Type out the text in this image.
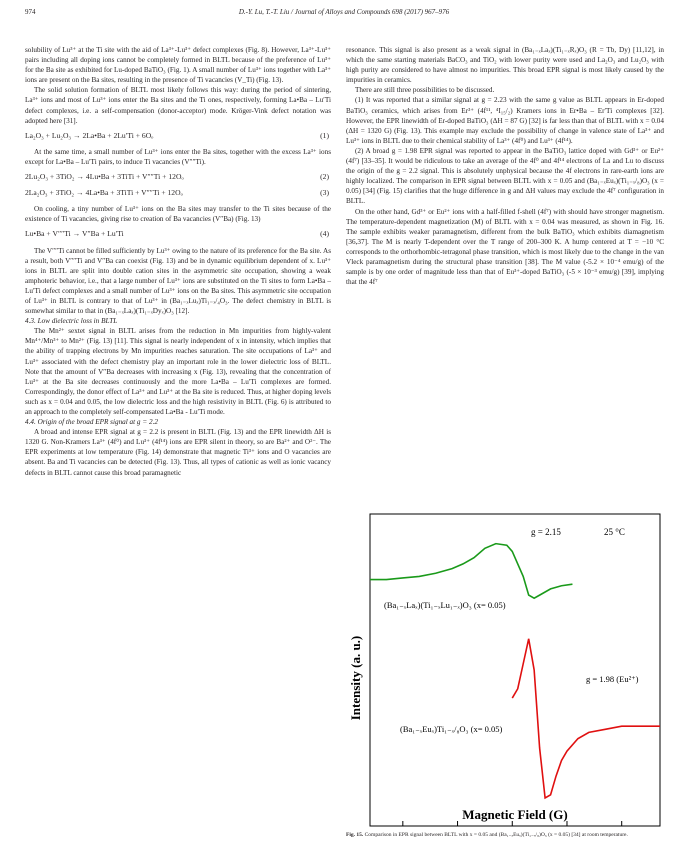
974	D.-Y. Lu, T.-T. Liu / Journal of Alloys and Compounds 698 (2017) 967–976

solubility of Lu³⁺ at the Ti site with the aid of La³⁺-Lu³⁺ defect complexes (Fig. 8). However, La³⁺-Lu³⁺ pairs including all doping ions cannot be completely formed in BLTL because of the preference of Lu³⁺ for the Ba site as exhibited for Lu-doped BaTiO₃ (Fig. 1). A small number of Lu³⁺ ions together with La³⁺ ions are present on the Ba sites, resulting in the presence of Ti vacancies (V_Ti) (Fig. 13).

The solid solution formation of BLTL most likely follows this way: during the period of sintering, La³⁺ ions and most of Lu³⁺ ions enter the Ba sites and the Ti ones, respectively, forming La•Ba – Lu′Ti defect complexes, i.e. a self-compensation (donor-acceptor) mode. Kröger-Vink defect notation was adopted here [31].

La₂O₃ + Lu₂O₃ → 2La•Ba + 2Lu′Ti + 6Oₒ	(1)

At the same time, a small number of Lu³⁺ ions enter the Ba sites, together with the excess La³⁺ ions except for La•Ba – Lu′Ti pairs, to induce Ti vacancies (V″″Ti).

2Lu₂O₃ + 3TiO₂ → 4Lu•Ba + 3TiTi + V″″Ti + 12Oₒ	(2)
2La₂O₃ + 3TiO₂ → 4La•Ba + 3TiTi + V″″Ti + 12Oₒ	(3)

On cooling, a tiny number of Lu³⁺ ions on the Ba sites may transfer to the Ti sites because of the existence of Ti vacancies, giving rise to creation of Ba vacancies (V″Ba) (Fig. 13)

Lu•Ba + V″″Ti → V″Ba + Lu′Ti	(4)

The V″″Ti cannot be filled sufficiently by Lu³⁺ owing to the nature of its preference for the Ba site. As a result, both V″″Ti and V″Ba can coexist (Fig. 13) and be in dynamic equilibrium dependent of x. Lu³⁺ ions in BLTL are split into double cation sites in the asymmetric site occupation, showing a weak amphoteric behavior, i.e., that a large number of Lu³⁺ ions are substituted on the Ti sites to form La•Ba – Lu′Ti defect complexes and a small number of Lu³⁺ ions on the Ba sites. This asymmetric site occupation of Lu³⁺ in BLTL is contrary to that of Lu³⁺ in (Ba₁₋ₓLuₓ)Ti₁₋ₓ/₄O₃. The defect chemistry in BLTL is somewhat similar to that in (Ba₁₋ₓLaₓ)(Ti₁₋ₓDyₓ)O₃ [12].

4.3. Low dielectric loss in BLTL

The Mn²⁺ sextet signal in BLTL arises from the reduction in Mn impurities from highly-valent Mn⁴⁺/Mn³⁺ to Mn²⁺ (Fig. 13) [11]. This signal is nearly independent of x in intensity, which implies that the ability of trapping electrons by Mn impurities reaches saturation. The site occupations of La³⁺ and Lu³⁺ associated with the defect chemistry play an important role in the lower dielectric loss of BLTL. Note that the amount of V″Ba decreases with increasing x (Fig. 13), revealing that the concentration of Lu³⁺ at the Ba site decreases continuously and the more La•Ba – Lu′Ti complexes are formed. Correspondingly, the donor effect of La³⁺ and Lu³⁺ at the Ba site is reduced. Thus, at higher doping levels such as x = 0.04 and 0.05, the low dielectric loss and the high resistivity in BLTL (Fig. 6) is attributed to an approach to the completely self-compensated La•Ba - Lu′Ti mode.

4.4. Origin of the broad EPR signal at g = 2.2

A broad and intense EPR signal at g = 2.2 is present in BLTL (Fig. 13) and the EPR linewidth ΔH is 1320 G. Non-Kramers La³⁺ (4f⁰) and Lu³⁺ (4f¹⁴) ions are EPR silent in theory, so are Ba²⁺ and O²⁻. The EPR experiments at low temperature (Fig. 14) demonstrate that magnetic Ti³⁺ ions and O vacancies are absent. Ba and Ti vacancies can be detected (Fig. 13). Thus, all types of cationic as well as ionic vacancy defects in BLTL cannot cause this broad paramagnetic

resonance. This signal is also present as a weak signal in (Ba₁₋ₓLaₓ)(Ti₁₋ₓRₓ)O₃ (R = Tb, Dy) [11,12], in which the same starting materials BaCO₃ and TiO₂ with lower purity were used and La₂O₃ and Lu₂O₃ with high purity are considered to have almost no impurities. This broad EPR signal is most likely caused by the impurities in ceramics.

There are still three possibilities to be discussed.

(1) It was reported that a similar signal at g = 2.23 with the same g value as BLTL appears in Er-doped BaTiO₃ ceramics, which arises from Er³⁺ (4f¹¹, ⁴I₁₅/₂) Kramers ions in Er•Ba – Er′Ti complexes [32]. However, the EPR linewidth of Er-doped BaTiO₃ (ΔH = 87 G) [32] is far less than that of BLTL with x = 0.04 (ΔH = 1320 G) (Fig. 13). This example may exclude the possibility of change in valence state of La³⁺ and Lu³⁺ ions in BLTL due to their chemical stability of La³⁺ (4f⁰) and Lu³⁺ (4f¹⁴).

(2) A broad g = 1.98 EPR signal was reported to appear in the BaTiO₃ lattice doped with Gd³⁺ or Eu²⁺ (4f⁷) [33–35]. It would be ridiculous to take an average of the 4f⁰ and 4f¹⁴ electrons of La and Lu to discuss the origin of the g = 2.2 signal. This is absolutely unphysical because the 4f electrons in rare-earth ions are highly localized. The comparison in EPR signal between BLTL with x = 0.05 and (Ba₁₋ₓEuₓ)(Ti₁₋ₓ/₈)O₃ (x = 0.05) [34] (Fig. 15) clarifies that the huge difference in g and ΔH values may exclude the 4f⁷ configuration in BLTL.

On the other hand, Gd³⁺ or Eu²⁺ ions with a half-filled f-shell (4f⁷) with should have stronger magnetism. The temperature-dependent magnetization (M) of BLTL with x = 0.04 was measured, as shown in Fig. 16. The sample exhibits weaker paramagnetism, different from the bulk BaTiO₃ which exhibits diamagnetism [36,37]. The M is nearly T-dependent over the T range of 200–300 K. A hump centered at T = −10 °C corresponds to the orthorhombic-tetragonal phase transition, which is most likely due to the change in the van Vleck paramagnetism during the structural phase transition [38]. The M value (-5.2 × 10⁻⁴ emu/g) of the sample is by one order of magnitude less than that of Eu³⁺-doped BaTiO₃ (-5 × 10⁻³ emu/g) [39], implying that the 4f⁷

Intensity (a. u.)
g = 2.15	25 °C
(Ba₁₋ₓLaₓ)(Ti₁₋ₓLu₁₋ₓ)O₃ (x= 0.05)
g = 1.98 (Eu²⁺)
(Ba₁₋ₓEuₓ)Ti₁₋ₓ/₈O₃ (x= 0.05)
Magnetic Field (G)
Fig. 15. Comparison in EPR signal between BLTL with x = 0.05 and (Ba₁₋ₓEuₓ)(Ti₁₋ₓ/₈)O₃ (x = 0.05) [34] at room temperature.
